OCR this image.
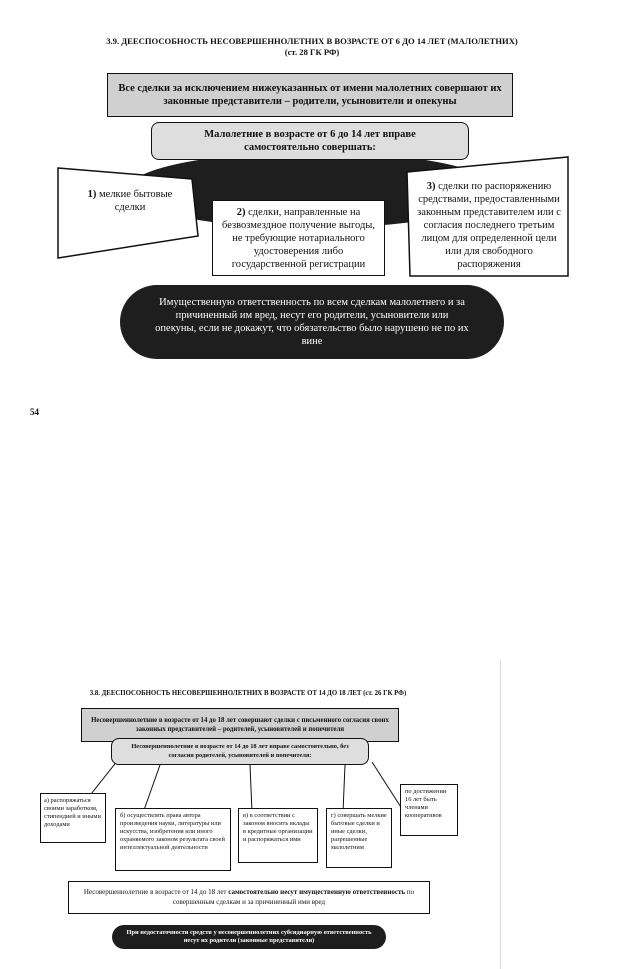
3.9. ДЕЕСПОСОБНОСТЬ НЕСОВЕРШЕННОЛЕТНИХ В ВОЗРАСТЕ ОТ 6 ДО 14 ЛЕТ (МАЛОЛЕТНИХ)
(ст. 28 ГК РФ)
Все сделки за исключением нижеуказанных от имени малолетних совершают их законные представители – родители, усыновители и опекуны
Малолетние в возрасте от 6 до 14 лет вправе самостоятельно совершать:
1) мелкие бытовые сделки	2) сделки, направленные на безвозмездное получение выгоды, не требующие нотариального удостоверения либо государственной регистрации
3) сделки по распоряжению средствами, предоставленными законным представителем или с согласия последнего третьим лицом для определенной цели или для свободного распоряжения
Имущественную ответственность по всем сделкам малолетнего и за причиненный им вред, несут его родители, усыновители или опекуны, если не докажут, что обязательство было нарушено не по их вине
54
3.8. ДЕЕСПОСОБНОСТЬ НЕСОВЕРШЕННОЛЕТНИХ В ВОЗРАСТЕ ОТ 14 ДО 18 ЛЕТ (ст. 26 ГК РФ)
Несовершеннолетние в возрасте от 14 до 18 лет совершают сделки с письменного согласия своих законных представителей – родителей, усыновителей и попечителя
Несовершеннолетние в возрасте от 14 до 18 лет вправе самостоятельно, без согласия родителей, усыновителей и попечителя:
а) распоряжаться своими заработком, стипендией и иными доходами
б) осуществлять права автора произведения науки, литературы или искусства, изобретения или иного охраняемого законом результата своей интеллектуальной деятельности
в) в соответствии с законом вносить вклады в кредитные организации и распоряжаться ими
г) совершать мелкие бытовые сделки и иные сделки, разрешенные малолетним
по достижении 16 лет быть членами кооперативов
Несовершеннолетние в возрасте от 14 до 18 лет самостоятельно несут имущественную ответственность по совершенным сделкам и за причиненный ими вред
При недостаточности средств у несовершеннолетних субсидиарную ответственность несут их родители (законные представители)
